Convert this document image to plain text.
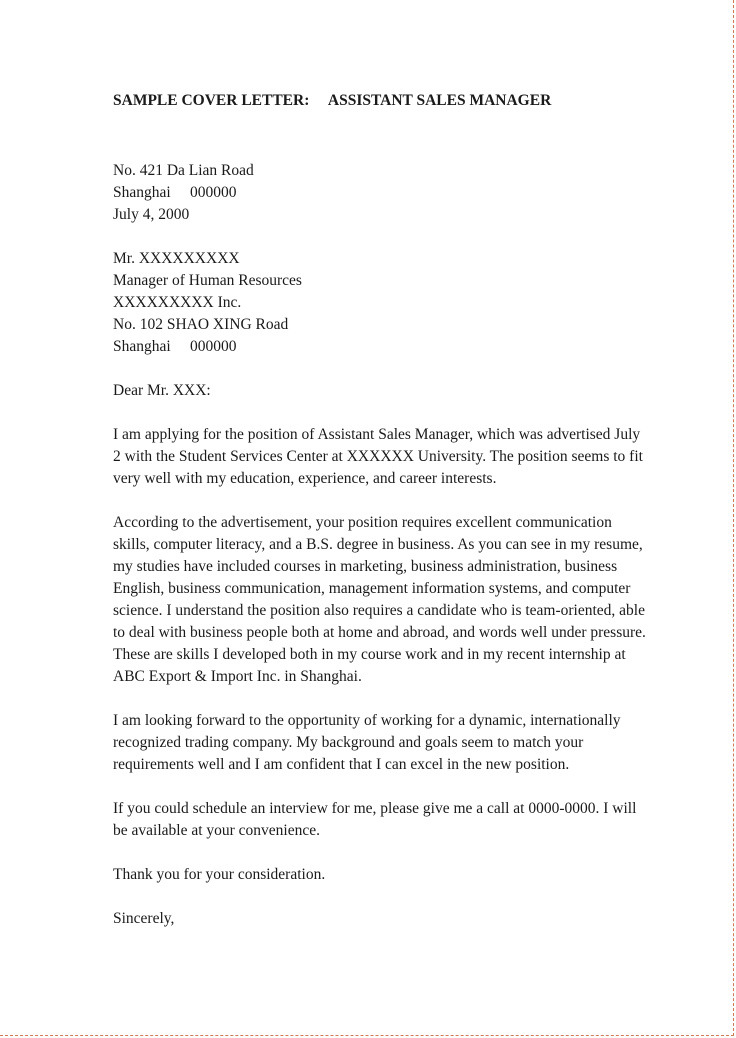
SAMPLE COVER LETTER:     ASSISTANT SALES MANAGER
No. 421 Da Lian Road
Shanghai     000000
July 4, 2000
Mr. XXXXXXXXX
Manager of Human Resources
XXXXXXXXX Inc.
No. 102 SHAO XING Road
Shanghai     000000
Dear Mr. XXX:

I am applying for the position of Assistant Sales Manager, which was advertised July
2 with the Student Services Center at XXXXXX University. The position seems to fit
very well with my education, experience, and career interests.

According to the advertisement, your position requires excellent communication
skills, computer literacy, and a B.S. degree in business. As you can see in my resume,
my studies have included courses in marketing, business administration, business
English, business communication, management information systems, and computer
science. I understand the position also requires a candidate who is team-oriented, able
to deal with business people both at home and abroad, and words well under pressure.
These are skills I developed both in my course work and in my recent internship at
ABC Export & Import Inc. in Shanghai.

I am looking forward to the opportunity of working for a dynamic, internationally
recognized trading company. My background and goals seem to match your
requirements well and I am confident that I can excel in the new position.

If you could schedule an interview for me, please give me a call at 0000-0000. I will
be available at your convenience.

Thank you for your consideration.

Sincerely,
